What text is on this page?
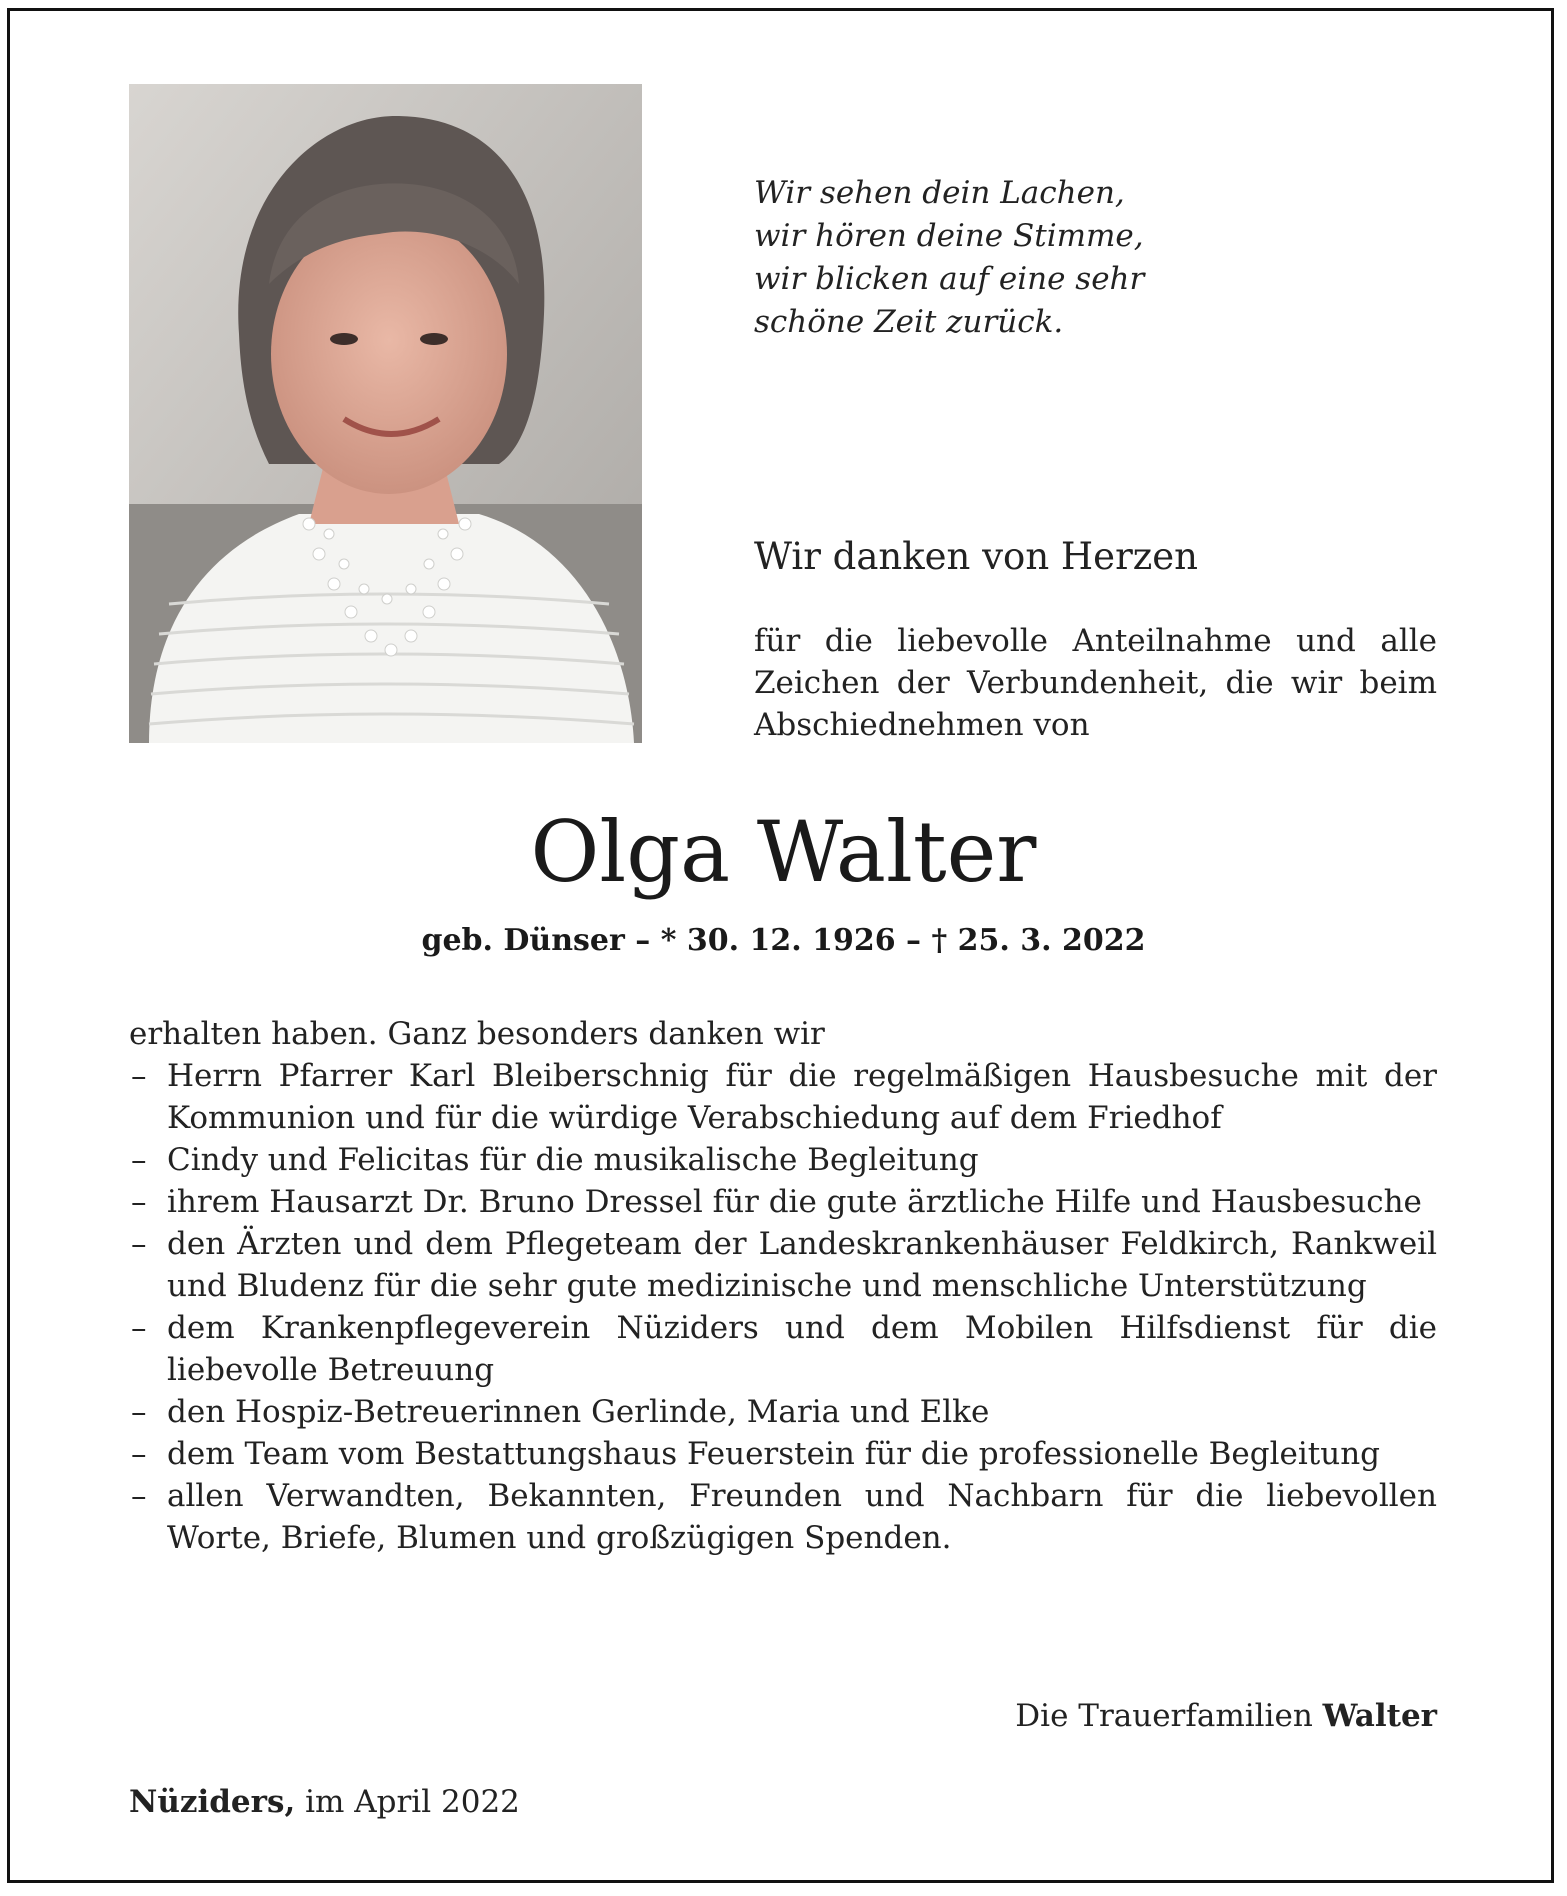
Wir sehen dein Lachen,
wir hören deine Stimme,
wir blicken auf eine sehr
schöne Zeit zurück.
Wir danken von Herzen
für die liebevolle Anteilnahme und alle Zeichen der Verbundenheit, die wir beim Abschiednehmen von
Olga Walter
geb. Dünser – * 30. 12. 1926 – † 25. 3. 2022
erhalten haben. Ganz besonders danken wir
– Herrn Pfarrer Karl Bleiberschnig für die regelmäßigen Hausbesuche mit der Kommunion und für die würdige Verabschiedung auf dem Friedhof
– Cindy und Felicitas für die musikalische Begleitung
– ihrem Hausarzt Dr. Bruno Dressel für die gute ärztliche Hilfe und Hausbesuche
– den Ärzten und dem Pflegeteam der Landeskrankenhäuser Feldkirch, Rankweil und Bludenz für die sehr gute medizinische und menschliche Unterstützung
– dem Krankenpflegeverein Nüziders und dem Mobilen Hilfsdienst für die liebevolle Betreuung
– den Hospiz-Betreuerinnen Gerlinde, Maria und Elke
– dem Team vom Bestattungshaus Feuerstein für die professionelle Begleitung
– allen Verwandten, Bekannten, Freunden und Nachbarn für die liebevollen Worte, Briefe, Blumen und großzügigen Spenden.
Die Trauerfamilien Walter
Nüziders, im April 2022
